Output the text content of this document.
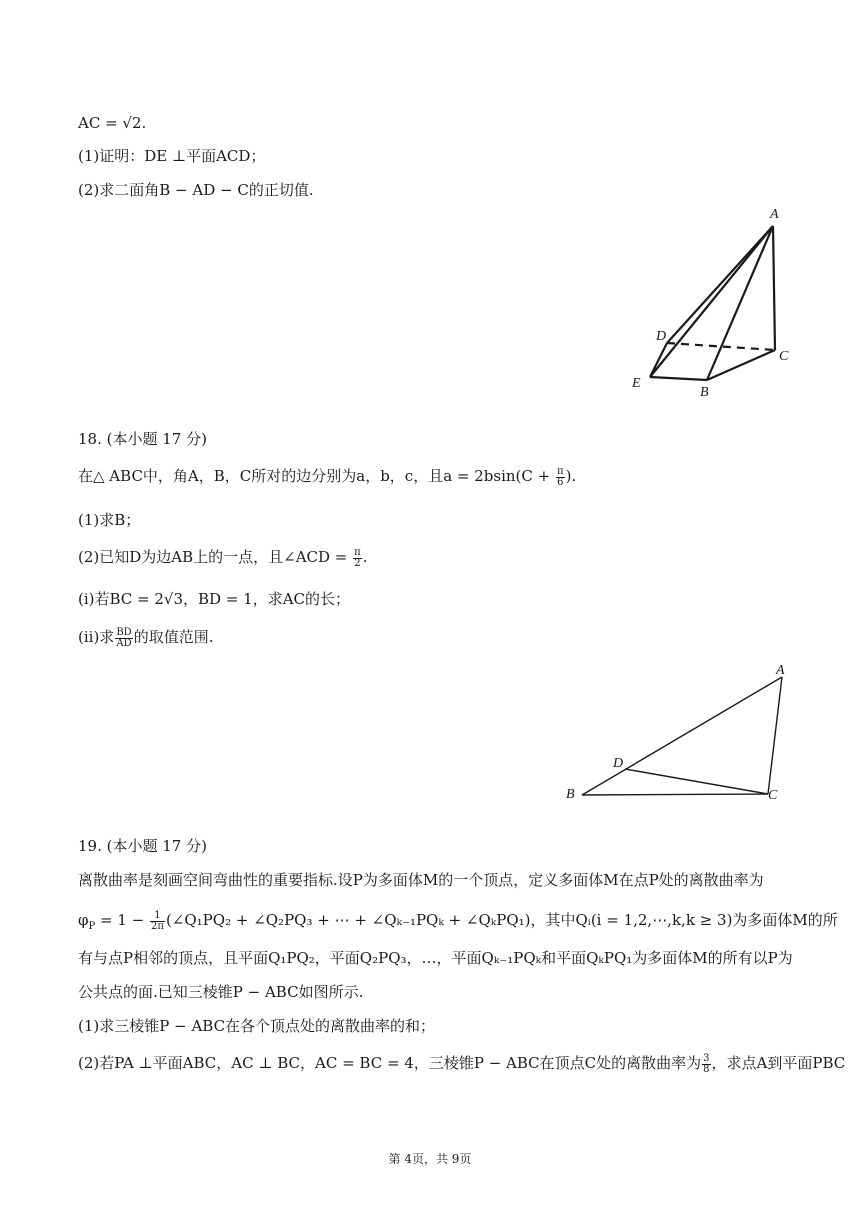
AC = √2.
(1)证明：DE ⊥平面ACD；
(2)求二面角B − AD − C的正切值.
A
D
C
E
B
18. (本小题 17 分)
在△ ABC中，角A，B，C所对的边分别为a，b，c，且$a = 2bsin(C + \frac{\pi}{6}$ ).
(1)求B；
(2)已知D为边AB上的一点，且∠ACD = $\frac{\pi}{2}$ .
(i)若BC = 2√3，BD = 1，求AC的长；
(ii)求 $\frac{BD}{AD}$ 的取值范围.
A
D
B	C
19. (本小题 17 分)
离散曲率是刻画空间弯曲性的重要指标.设P为多面体M的一个顶点，定义多面体M在点P处的离散曲率为
$\varphi_P = 1 - \frac{1}{2\pi}$ (∠Q₁PQ₂ + ∠Q₂PQ₃ + ⋯ + ∠Qₖ₋₁PQₖ + ∠QₖPQ₁)，其中Qᵢ(i = 1,2,⋯,k,k ≥ 3)为多面体M的所
有与点P相邻的顶点，且平面Q₁PQ₂，平面Q₂PQ₃，…，平面Qₖ₋₁PQₖ和平面QₖPQ₁为多面体M的所有以P为
公共点的面.已知三棱锥P − ABC如图所示.
(1)求三棱锥P − ABC在各个顶点处的离散曲率的和；
(2)若PA ⊥平面ABC，AC ⊥ BC，AC = BC = 4，三棱锥P − ABC在顶点C处的离散曲率为 $\frac{3}{8}$ ，求点A到平面PBC
第 4页，共 9页
